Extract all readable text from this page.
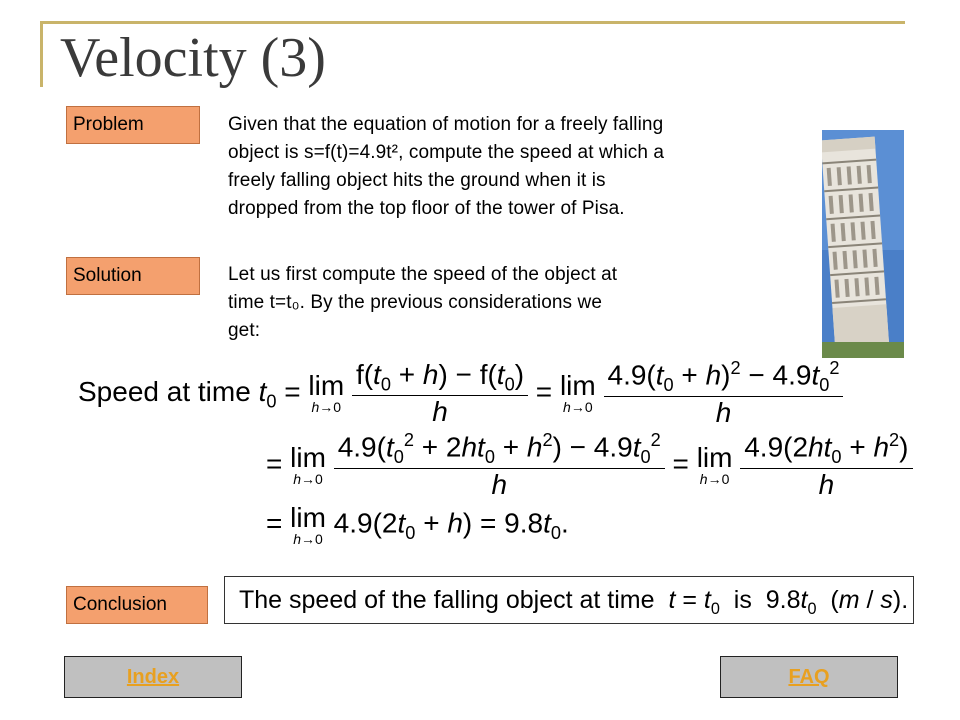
Velocity (3)
Problem	Given that the equation of motion for a freely falling
object is s=f(t)=4.9t², compute the speed at which a
freely falling object hits the ground when it is
dropped from the top floor of the tower of Pisa.
Solution	Let us first compute the speed of the object at
time t=t₀. By the previous considerations we
get:
Speed at time $t_0 = \lim$
h→0
$\frac{f(t_0 + h) - f(t_0)}{h} = \lim$
h→0
$\frac{4.9(t_0 + h)^2 - 4.9t_0^2}{h}$
= lim
h→0
$\frac{4.9(t_0^2 + 2ht_0 + h^2) - 4.9t_0^2}{h} = \lim$
h→0
$\frac{4.9(2ht_0 + h^2)}{h}$
= lim
h→0
$4.9(2t_0 + h) = 9.8t_0$.
Conclusion	The speed of the falling object at time $t = t_0$ is  $9.8t_0$  (m / s).
Index	FAQ
